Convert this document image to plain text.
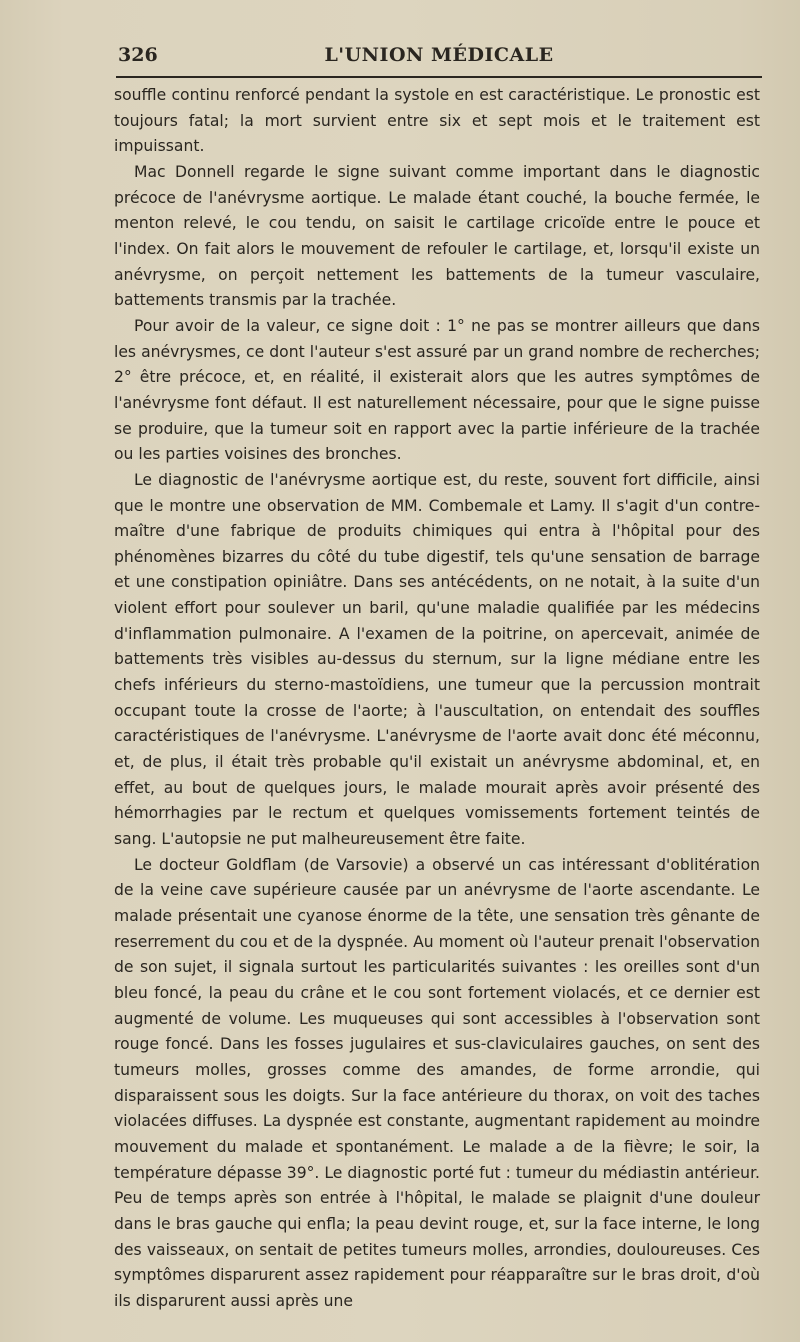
326	L'UNION MÉDICALE

souffle continu renforcé pendant la systole en est caractéristique. Le pronostic est toujours fatal; la mort survient entre six et sept mois et le traitement est impuissant.

Mac Donnell regarde le signe suivant comme important dans le diagnostic précoce de l'anévrysme aortique. Le malade étant couché, la bouche fermée, le menton relevé, le cou tendu, on saisit le cartilage cricoïde entre le pouce et l'index. On fait alors le mouvement de refouler le cartilage, et, lorsqu'il existe un anévrysme, on perçoit nettement les battements de la tumeur vasculaire, battements transmis par la trachée.

Pour avoir de la valeur, ce signe doit : 1° ne pas se montrer ailleurs que dans les anévrysmes, ce dont l'auteur s'est assuré par un grand nombre de recherches; 2° être précoce, et, en réalité, il existerait alors que les autres symptômes de l'anévrysme font défaut. Il est naturellement nécessaire, pour que le signe puisse se produire, que la tumeur soit en rapport avec la partie inférieure de la trachée ou les parties voisines des bronches.

Le diagnostic de l'anévrysme aortique est, du reste, souvent fort difficile, ainsi que le montre une observation de MM. Combemale et Lamy. Il s'agit d'un contre-maître d'une fabrique de produits chimiques qui entra à l'hôpital pour des phénomènes bizarres du côté du tube digestif, tels qu'une sensation de barrage et une constipation opiniâtre. Dans ses antécédents, on ne notait, à la suite d'un violent effort pour soulever un baril, qu'une maladie qualifiée par les médecins d'inflammation pulmonaire. A l'examen de la poitrine, on apercevait, animée de battements très visibles au-dessus du sternum, sur la ligne médiane entre les chefs inférieurs du sterno-mastoïdiens, une tumeur que la percussion montrait occupant toute la crosse de l'aorte; à l'auscultation, on entendait des souffles caractéristiques de l'anévrysme. L'anévrysme de l'aorte avait donc été méconnu, et, de plus, il était très probable qu'il existait un anévrysme abdominal, et, en effet, au bout de quelques jours, le malade mourait après avoir présenté des hémorrhagies par le rectum et quelques vomissements fortement teintés de sang. L'autopsie ne put malheureusement être faite.

Le docteur Goldflam (de Varsovie) a observé un cas intéressant d'oblitération de la veine cave supérieure causée par un anévrysme de l'aorte ascendante. Le malade présentait une cyanose énorme de la tête, une sensation très gênante de reserrement du cou et de la dyspnée. Au moment où l'auteur prenait l'observation de son sujet, il signala surtout les particularités suivantes : les oreilles sont d'un bleu foncé, la peau du crâne et le cou sont fortement violacés, et ce dernier est augmenté de volume. Les muqueuses qui sont accessibles à l'observation sont rouge foncé. Dans les fosses jugulaires et sus-claviculaires gauches, on sent des tumeurs molles, grosses comme des amandes, de forme arrondie, qui disparaissent sous les doigts. Sur la face antérieure du thorax, on voit des taches violacées diffuses. La dyspnée est constante, augmentant rapidement au moindre mouvement du malade et spontanément. Le malade a de la fièvre; le soir, la température dépasse 39°. Le diagnostic porté fut : tumeur du médiastin antérieur. Peu de temps après son entrée à l'hôpital, le malade se plaignit d'une douleur dans le bras gauche qui enfla; la peau devint rouge, et, sur la face interne, le long des vaisseaux, on sentait de petites tumeurs molles, arrondies, douloureuses. Ces symptômes disparurent assez rapidement pour réapparaître sur le bras droit, d'où ils disparurent aussi après une
